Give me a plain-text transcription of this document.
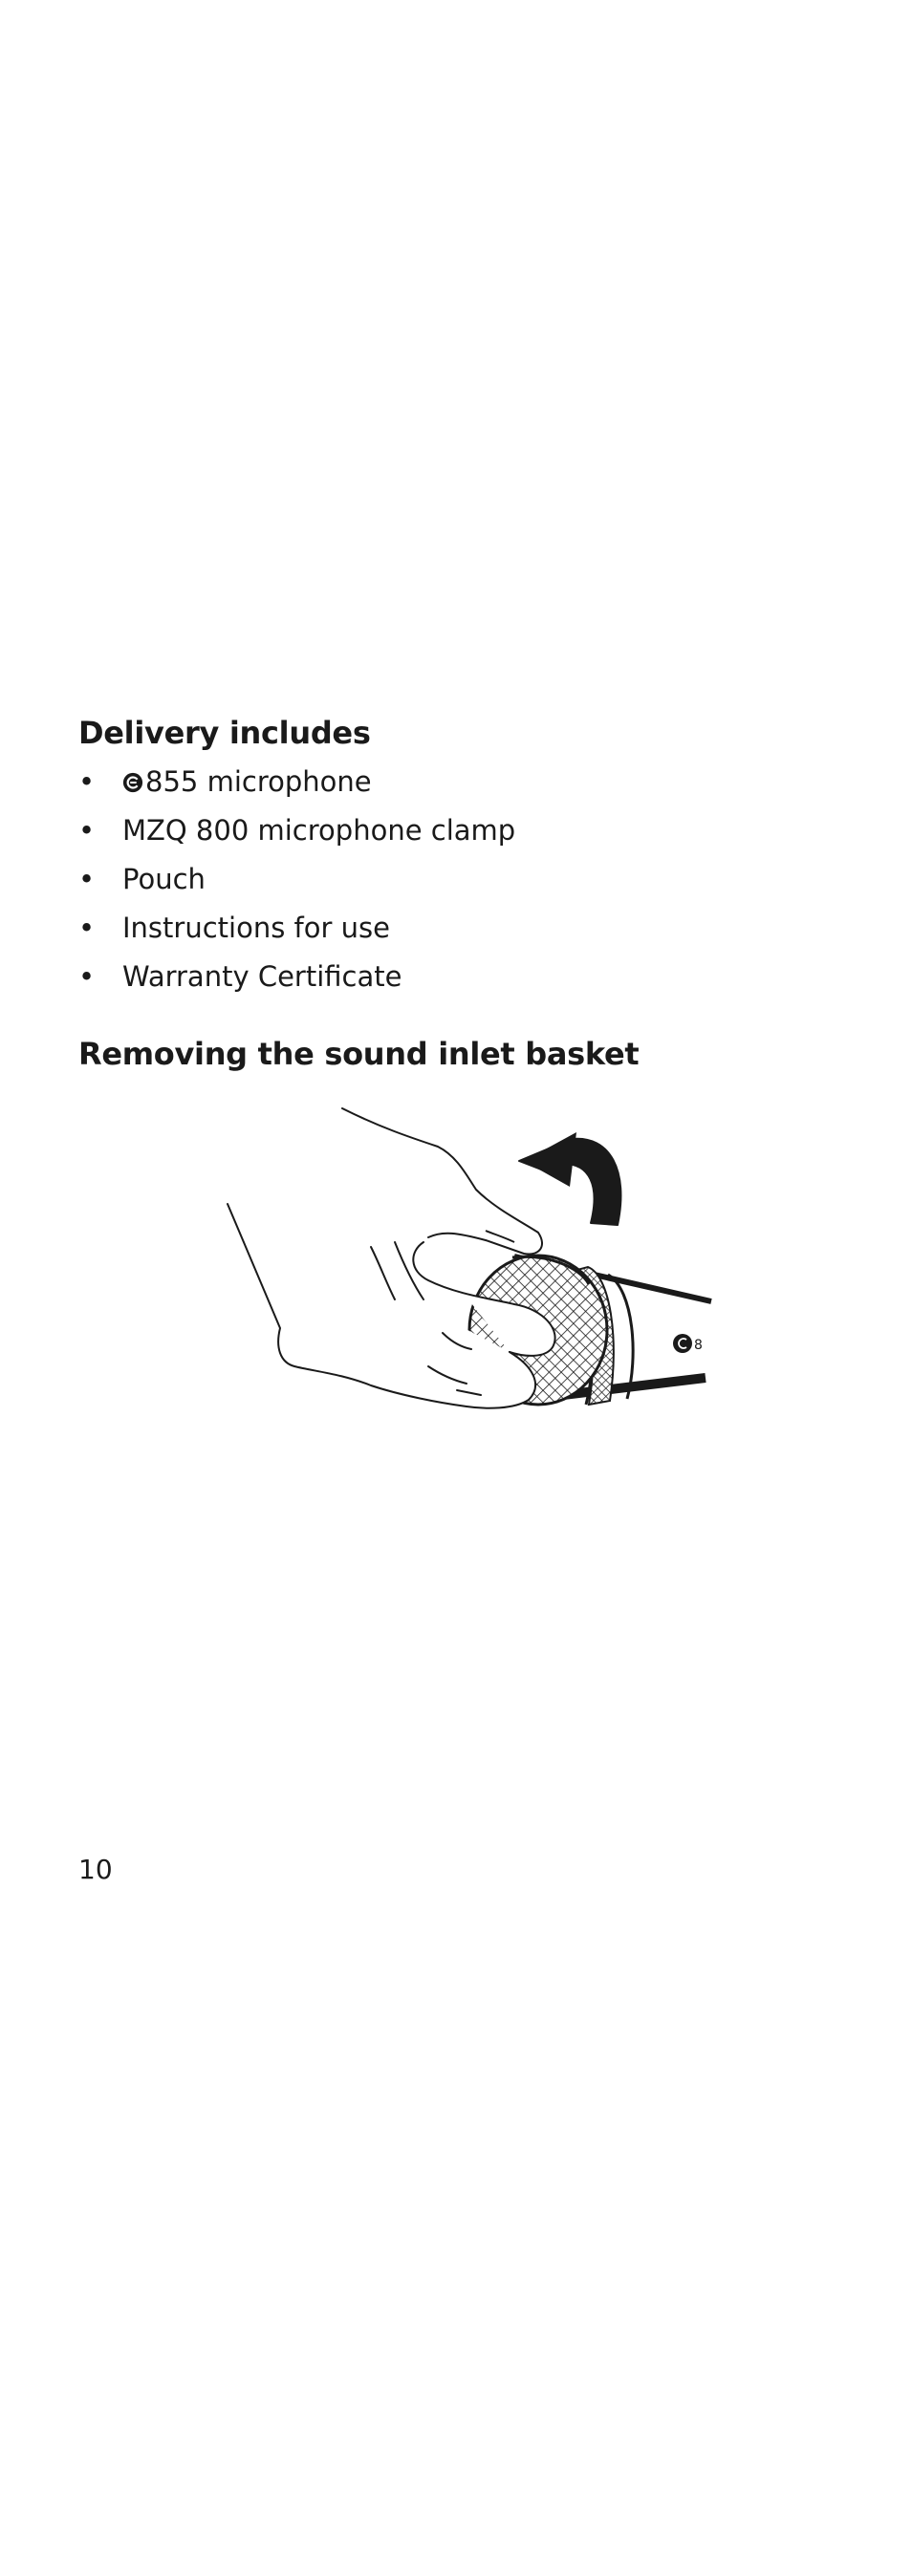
Delivery includes
• 855 microphone
• MZQ 800 microphone clamp
• Pouch
• Instructions for use
• Warranty Certificate
Removing the sound inlet basket
8

10
